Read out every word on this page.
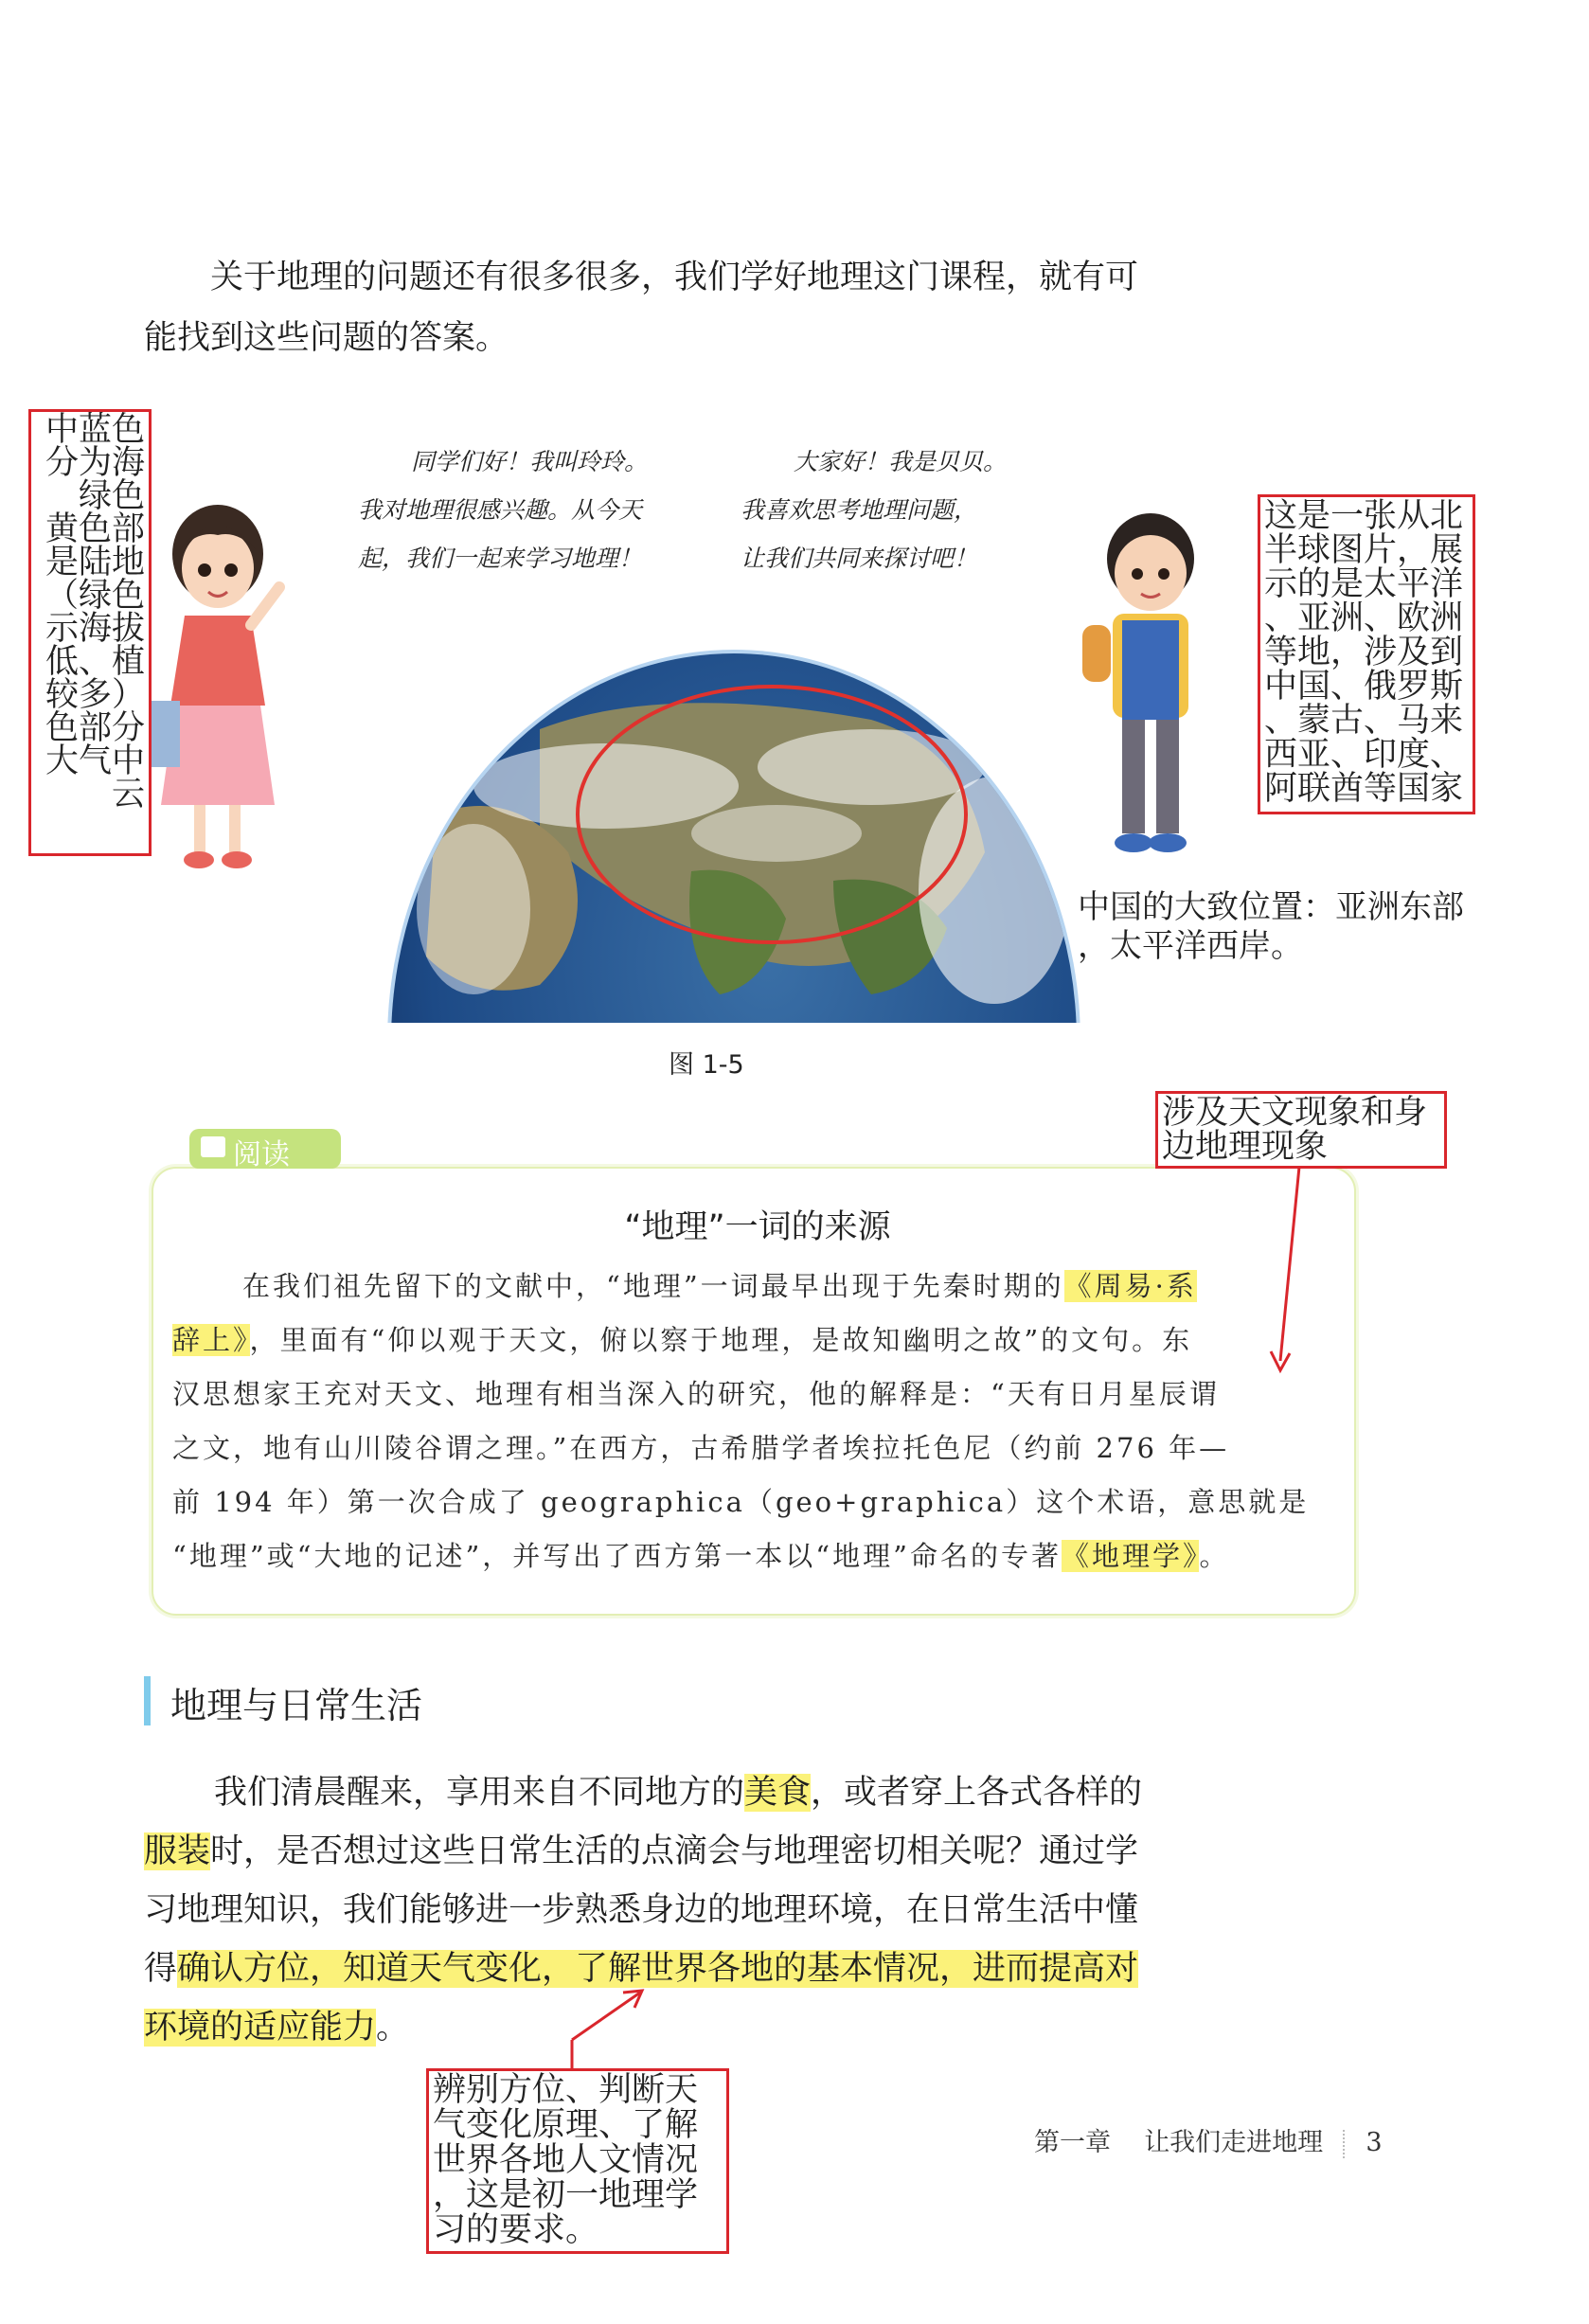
关于地理的问题还有很多很多，我们学好地理这门课程，就有可
能找到这些问题的答案。
中蓝色
分为海
绿色
黄色部
是陆地
（绿色
示海拔
低、植
较多）
色部分
大气中
云
同学们好！我叫玲玲。
我对地理很感兴趣。从今天
起，我们一起来学习地理！
大家好！我是贝贝。
我喜欢思考地理问题，
让我们共同来探讨吧！
这是一张从北
半球图片，展
示的是太平洋
、亚洲、欧洲
等地，涉及到
中国、俄罗斯
、蒙古、马来
西亚、印度、
阿联酋等国家
中国的大致位置：亚洲东部
，太平洋西岸。
图 1-5
阅读
涉及天文现象和身
边地理现象
“地理”一词的来源
在我们祖先留下的文献中，“地理”一词最早出现于先秦时期的《周易·系
辞上》，里面有“仰以观于天文，俯以察于地理，是故知幽明之故”的文句。东
汉思想家王充对天文、地理有相当深入的研究，他的解释是：“天有日月星辰谓
之文，地有山川陵谷谓之理。”在西方，古希腊学者埃拉托色尼（约前 276 年—
前 194 年）第一次合成了 geographica（geo+graphica）这个术语，意思就是
“地理”或“大地的记述”，并写出了西方第一本以“地理”命名的专著《地理学》。
地理与日常生活
我们清晨醒来，享用来自不同地方的美食，或者穿上各式各样的
服装时，是否想过这些日常生活的点滴会与地理密切相关呢？通过学
习地理知识，我们能够进一步熟悉身边的地理环境，在日常生活中懂
得确认方位，知道天气变化，了解世界各地的基本情况，进而提高对
环境的适应能力。
辨别方位、判断天
气变化原理、了解
世界各地人文情况
，这是初一地理学
习的要求。
第一章 让我们走进地理 3
